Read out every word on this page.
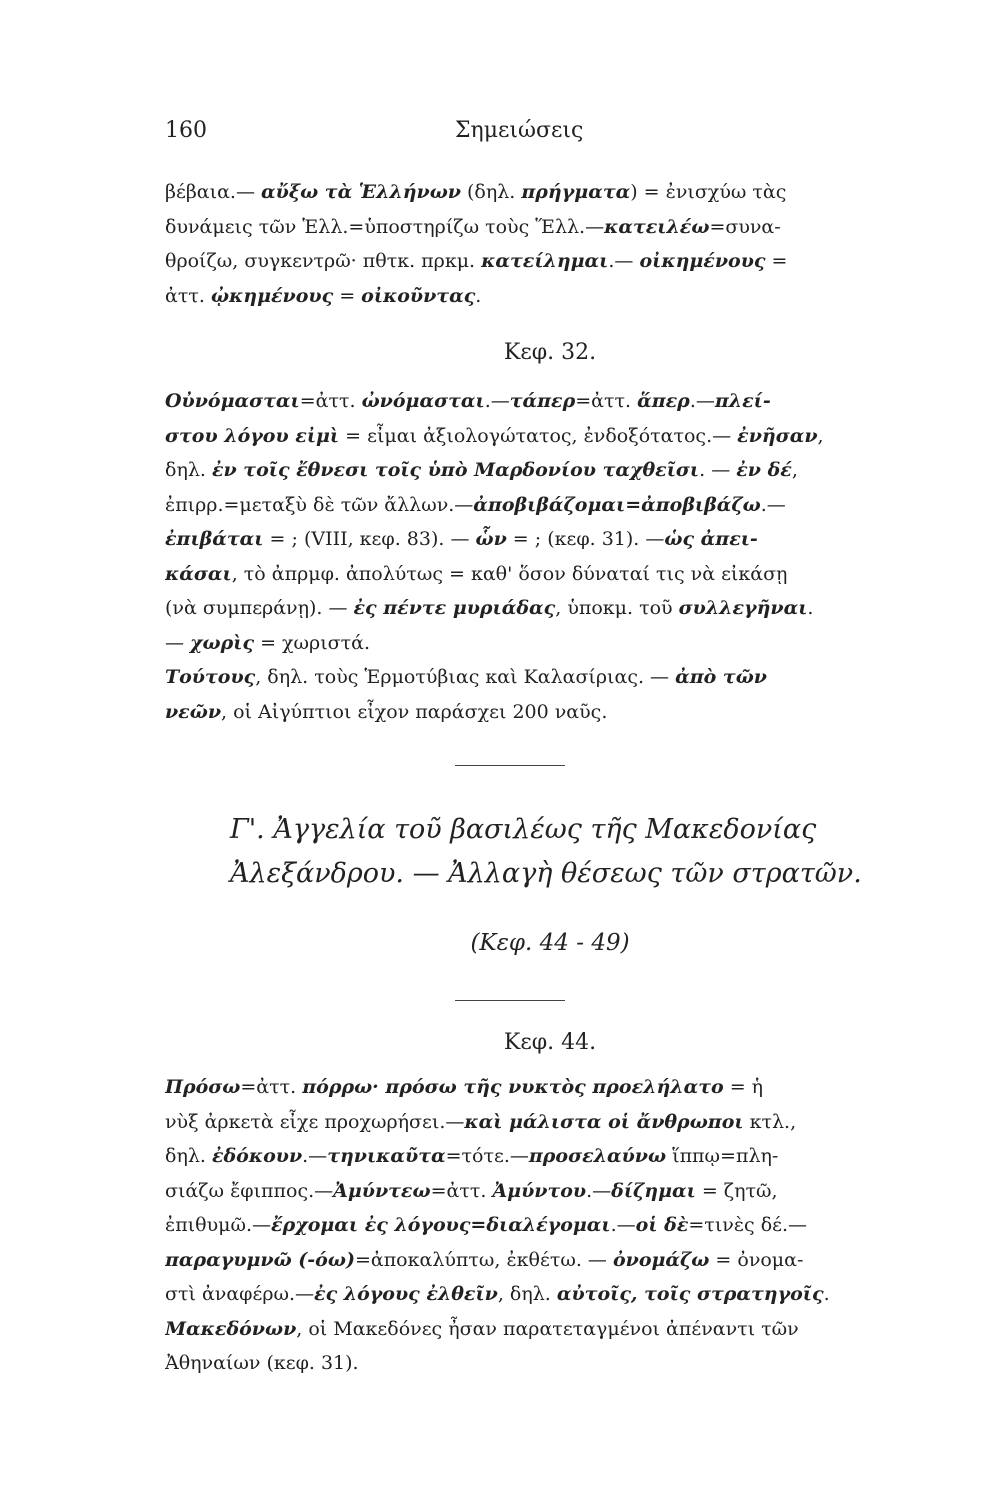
160	Σημειώσεις
βέβαια.— αὔξω τὰ Ἑλλήνων (δηλ. πρήγματα) = ἐνισχύω τὰς
δυνάμεις τῶν Ἑλλ.=ὑποστηρίζω τοὺς Ἕλλ.—κατειλέω=συνα-
θροίζω, συγκεντρῶ· πθτκ. πρκμ. κατείλημαι.— οἰκημένους =
ἀττ. ᾠκημένους = οἰκοῦντας.
Κεφ. 32.
Οὐνόμασται=ἀττ. ὠνόμασται.—τάπερ=ἀττ. ἅπερ.—πλεί-
στου λόγου εἰμὶ = εἶμαι ἀξιολογώτατος, ἐνδοξότατος.— ἐνῆσαν,
δηλ. ἐν τοῖς ἔθνεσι τοῖς ὑπὸ Μαρδονίου ταχθεῖσι. — ἐν δέ,
ἐπιρρ.=μεταξὺ δὲ τῶν ἄλλων.—ἀποβιβάζομαι=ἀποβιβάζω.—
ἐπιβάται = ; (VIII, κεφ. 83). — ὧν = ; (κεφ. 31). —ὡς ἀπει-
κάσαι, τὸ ἀπρμφ. ἀπολύτως = καθ' ὅσον δύναταί τις νὰ εἰκάσῃ
(νὰ συμπεράνῃ). — ἐς πέντε μυριάδας, ὑποκμ. τοῦ συλλεγῆναι.
— χωρὶς = χωριστά.
Τούτους, δηλ. τοὺς Ἑρμοτύβιας καὶ Καλασίριας. — ἀπὸ τῶν
νεῶν, οἱ Αἰγύπτιοι εἶχον παράσχει 200 ναῦς.
Γ'. Ἀγγελία τοῦ βασιλέως τῆς Μακεδονίας
Ἀλεξάνδρου. — Ἀλλαγὴ θέσεως τῶν στρατῶν.
(Κεφ. 44 - 49)
Κεφ. 44.
Πρόσω=ἀττ. πόρρω· πρόσω τῆς νυκτὸς προελήλατο = ἡ
νὺξ ἀρκετὰ εἶχε προχωρήσει.—καὶ μάλιστα οἱ ἄνθρωποι κτλ.,
δηλ. ἐδόκουν.—τηνικαῦτα=τότε.—προσελαύνω ἵππῳ=πλη-
σιάζω ἔφιππος.—Ἀμύντεω=ἀττ. Ἀμύντου.—δίζημαι = ζητῶ,
ἐπιθυμῶ.—ἔρχομαι ἐς λόγους=διαλέγομαι.—οἱ δὲ=τινὲς δέ.—
παραγυμνῶ (-όω)=ἀποκαλύπτω, ἐκθέτω. — ὀνομάζω = ὀνομα-
στὶ ἀναφέρω.—ἐς λόγους ἐλθεῖν, δηλ. αὐτοῖς, τοῖς στρατηγοῖς.
Μακεδόνων, οἱ Μακεδόνες ἦσαν παρατεταγμένοι ἀπέναντι τῶν
Ἀθηναίων (κεφ. 31).
